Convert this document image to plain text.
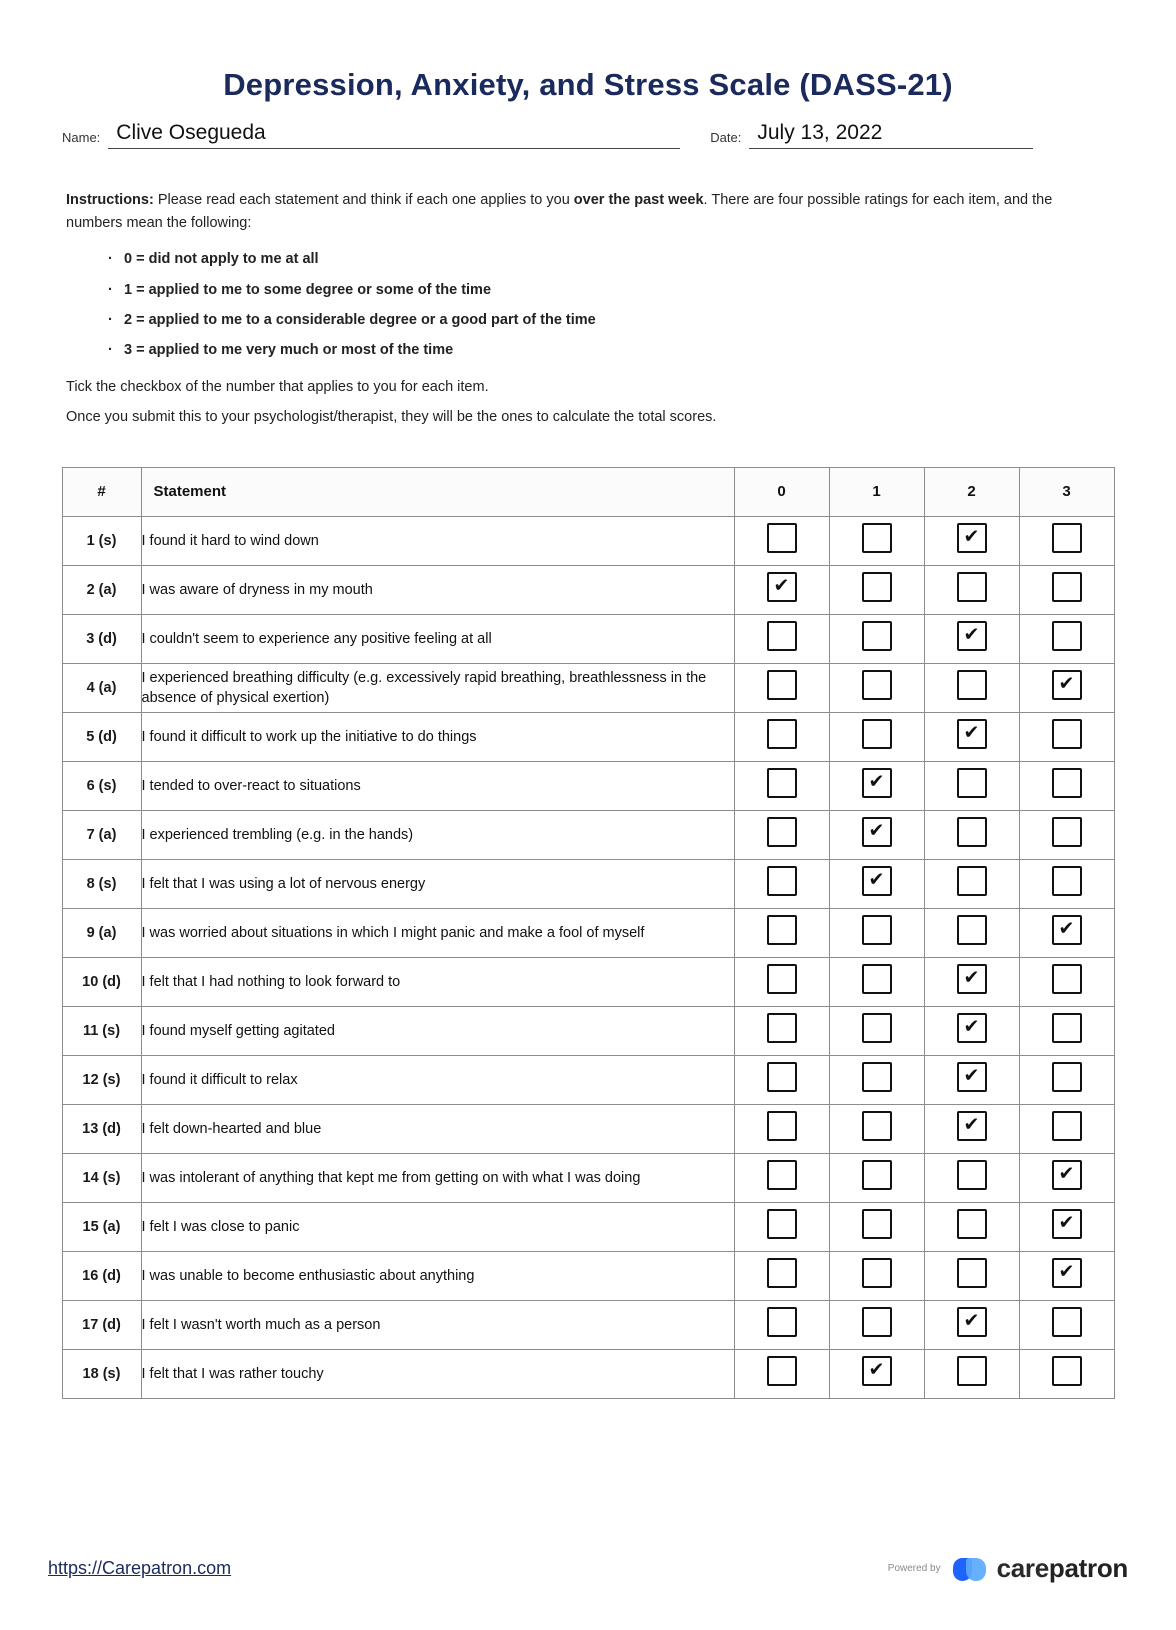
Depression, Anxiety, and Stress Scale (DASS-21)
Name: Clive Osegueda	Date: July 13, 2022

Instructions: Please read each statement and think if each one applies to you over the past week. There are four possible ratings for each item, and the numbers mean the following:

· 0 = did not apply to me at all
· 1 = applied to me to some degree or some of the time
· 2 = applied to me to a considerable degree or a good part of the time
· 3 = applied to me very much or most of the time

Tick the checkbox of the number that applies to you for each item.

Once you submit this to your psychologist/therapist, they will be the ones to calculate the total scores.

#	Statement	0	1	2	3
1 (s)	I found it hard to wind down			✔	
2 (a)	I was aware of dryness in my mouth	✔			
3 (d)	I couldn't seem to experience any positive feeling at all			✔	
4 (a)	I experienced breathing difficulty (e.g. excessively rapid breathing, breathlessness in the absence of physical exertion)				✔
5 (d)	I found it difficult to work up the initiative to do things			✔	
6 (s)	I tended to over-react to situations		✔		
7 (a)	I experienced trembling (e.g. in the hands)		✔		
8 (s)	I felt that I was using a lot of nervous energy		✔		
9 (a)	I was worried about situations in which I might panic and make a fool of myself				✔
10 (d)	I felt that I had nothing to look forward to			✔	
11 (s)	I found myself getting agitated			✔	
12 (s)	I found it difficult to relax			✔	
13 (d)	I felt down-hearted and blue			✔	
14 (s)	I was intolerant of anything that kept me from getting on with what I was doing				✔
15 (a)	I felt I was close to panic				✔
16 (d)	I was unable to become enthusiastic about anything				✔
17 (d)	I felt I wasn't worth much as a person			✔	
18 (s)	I felt that I was rather touchy		✔		
https://Carepatron.com	Powered by carepatron
